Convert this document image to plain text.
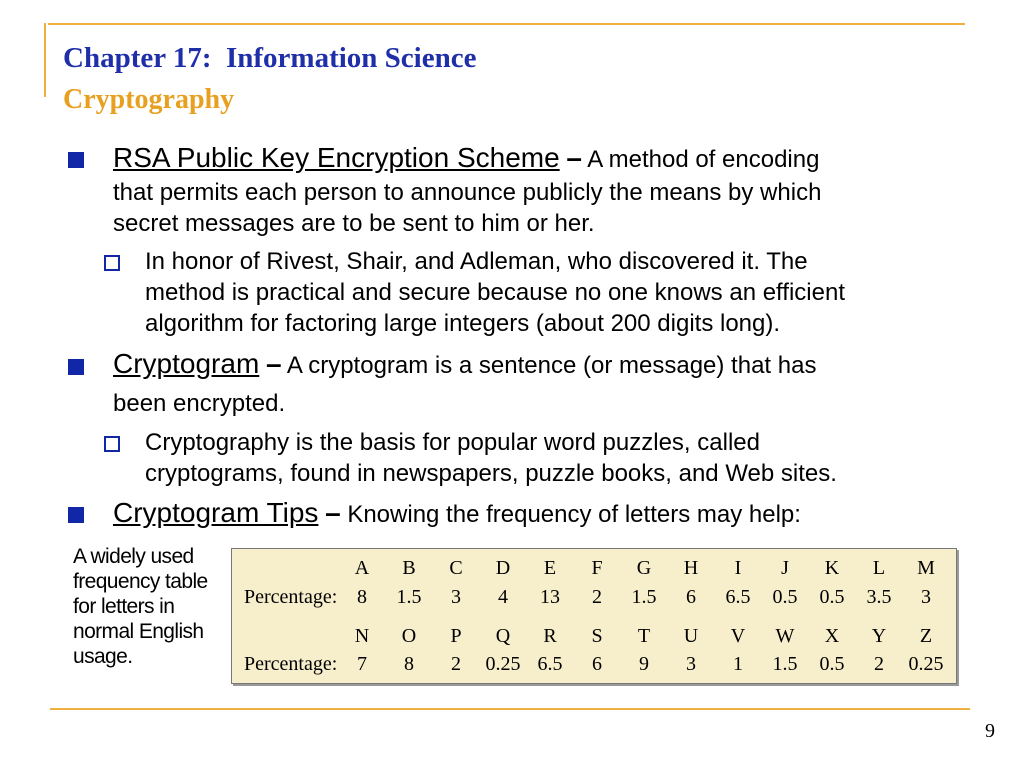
Chapter 17:  Information Science
Cryptography
RSA Public Key Encryption Scheme – A method of encoding
that permits each person to announce publicly the means by which
secret messages are to be sent to him or her.
In honor of Rivest, Shair, and Adleman, who discovered it. The
method is practical and secure because no one knows an efficient
algorithm for factoring large integers (about 200 digits long).
Cryptogram – A cryptogram is a sentence (or message) that has
been encrypted.
Cryptography is the basis for popular word puzzles, called
cryptograms, found in newspapers, puzzle books, and Web sites.
Cryptogram Tips – Knowing the frequency of letters may help:
A widely used
frequency table
for letters in
normal English
usage.
A	B	C	D	E	F	G	H	I	J	K	L	M
Percentage: 8	1.5	3	4	13	2	1.5	6	6.5	0.5	0.5	3.5	3
N	O	P	Q	R	S	T	U	V	W	X	Y	Z
Percentage: 7	8	2	0.25 6.5	6	9	3	1	1.5	0.5	2	0.25
9
